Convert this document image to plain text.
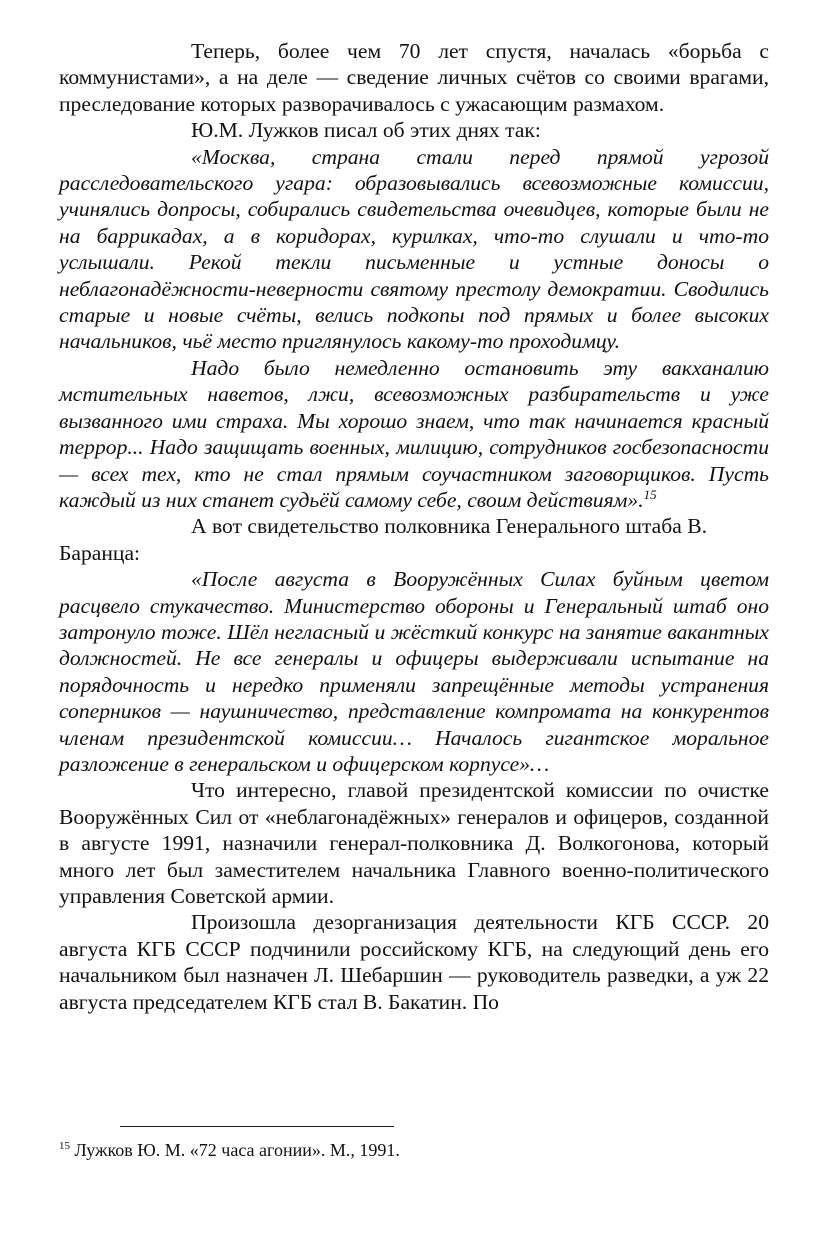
Теперь, более чем 70 лет спустя, началась «борьба с коммунистами», а на деле — сведение личных счётов со своими врагами, преследование которых разворачивалось с ужасающим размахом.

Ю.М. Лужков писал об этих днях так:

«Москва, страна стали перед прямой угрозой расследовательского угара: образовывались всевозможные комиссии, учинялись допросы, собирались свидетельства очевидцев, которые были не на баррикадах, а в коридорах, курилках, что-то слушали и что-то услышали. Рекой текли письменные и устные доносы о неблагонадёжности-неверности святому престолу демократии. Сводились старые и новые счёты, велись подкопы под прямых и более высоких начальников, чьё место приглянулось какому-то проходимцу.

Надо было немедленно остановить эту вакханалию мстительных наветов, лжи, всевозможных разбирательств и уже вызванного ими страха. Мы хорошо знаем, что так начинается красный террор... Надо защищать военных, милицию, сотрудников госбезопасности — всех тех, кто не стал прямым соучастником заговорщиков. Пусть каждый из них станет судьёй самому себе, своим действиям».$^{15}$

А вот свидетельство полковника Генерального штаба В.

Баранца:

«После августа в Вооружённых Силах буйным цветом расцвело стукачество. Министерство обороны и Генеральный штаб оно затронуло тоже. Шёл негласный и жёсткий конкурс на занятие вакантных должностей. Не все генералы и офицеры выдерживали испытание на порядочность и нередко применяли запрещённые методы устранения соперников — наушничество, представление компромата на конкурентов членам президентской комиссии… Началось гигантское моральное разложение в генеральском и офицерском корпусе»…

Что интересно, главой президентской комиссии по очистке Вооружённых Сил от «неблагонадёжных» генералов и офицеров, созданной в августе 1991, назначили генерал-полковника Д. Волкогонова, который много лет был заместителем начальника Главного военно-политического управления Советской армии.

Произошла дезорганизация деятельности КГБ СССР. 20 августа КГБ СССР подчинили российскому КГБ, на следующий день его начальником был назначен Л. Шебаршин — руководитель разведки, а уж 22 августа председателем КГБ стал В. Бакатин. По

$^{15}$ Лужков Ю. М. «72 часа агонии». М., 1991.
